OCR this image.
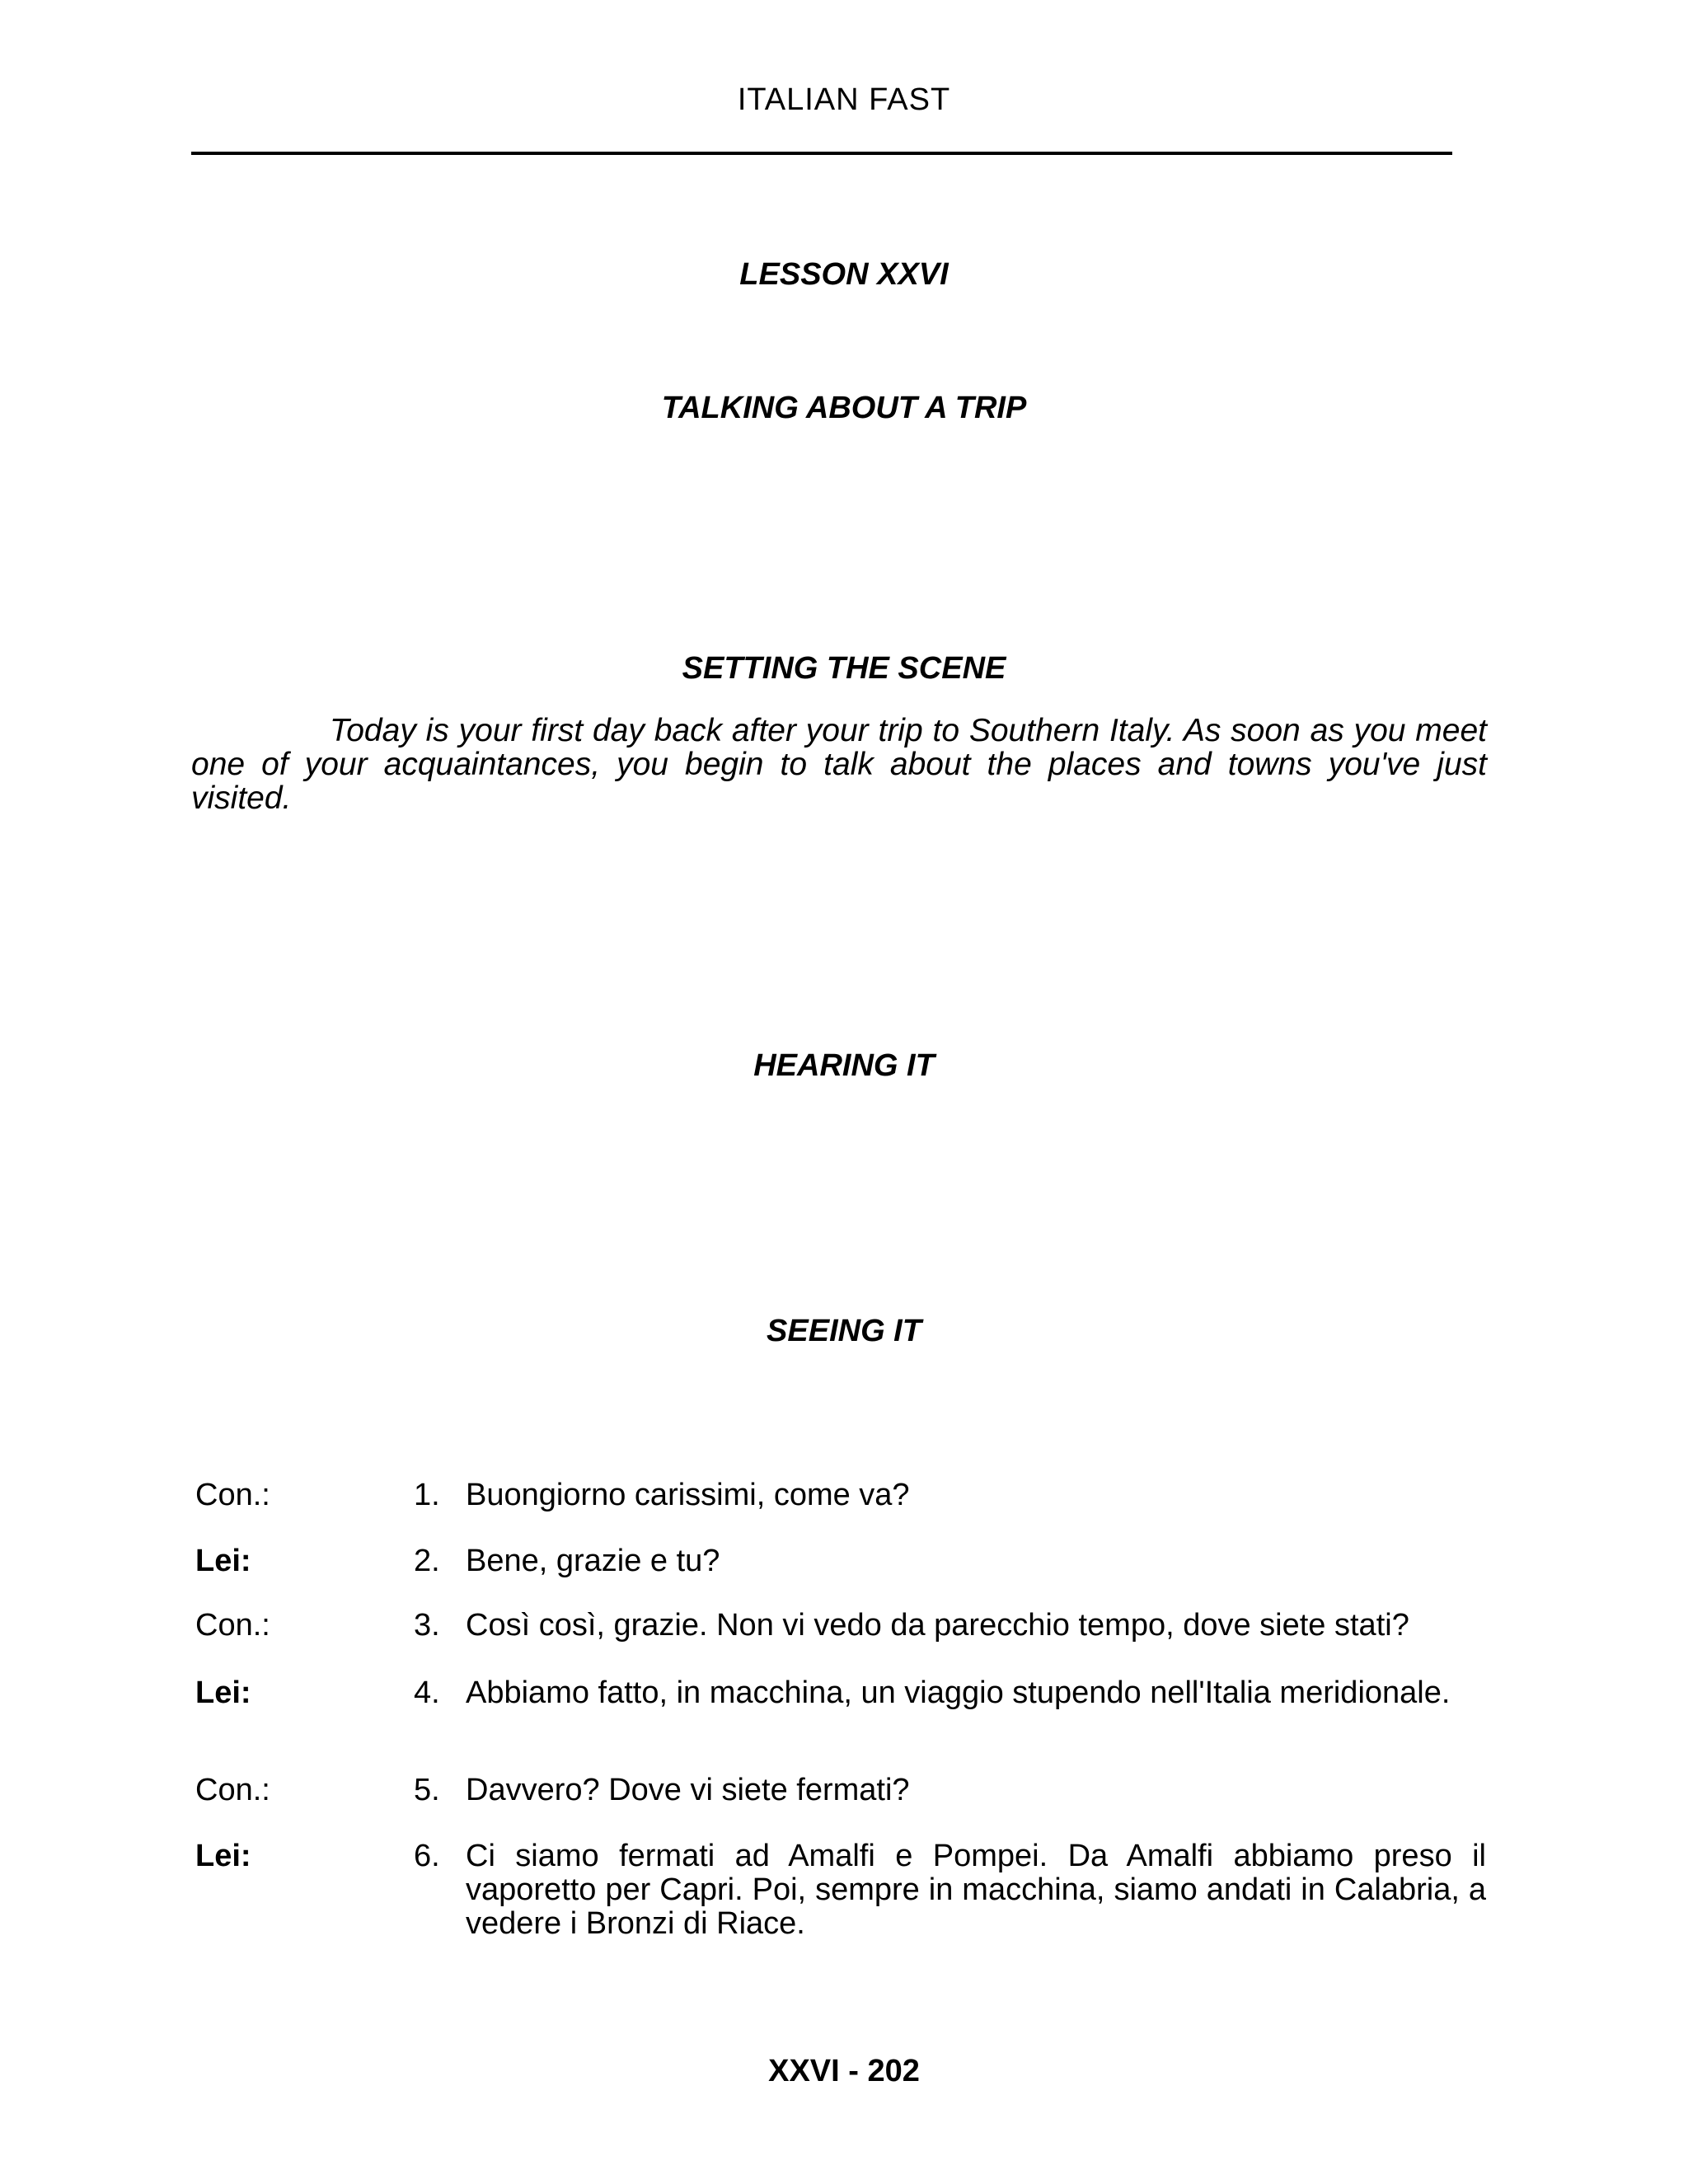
ITALIAN FAST
LESSON XXVI
TALKING ABOUT A TRIP
SETTING THE SCENE

Today is your first day back after your trip to Southern Italy. As soon as you meet one of your acquaintances, you begin to talk about the places and towns you've just visited.

HEARING IT
SEEING IT
Con.:	1. Buongiorno carissimi, come va?

Lei:	2. Bene, grazie e tu?

Con.:	3. Così così, grazie. Non vi vedo da parecchio tempo, dove siete stati?

Lei:	4. Abbiamo fatto, in macchina, un viaggio stupendo nell'Italia meridionale.

Con.:	5. Davvero? Dove vi siete fermati?

Lei:	6. Ci siamo fermati ad Amalfi e Pompei. Da Amalfi abbiamo preso il vaporetto per Capri. Poi, sempre in macchina, siamo andati in Calabria, a vedere i Bronzi di Riace.

XXVI - 202
